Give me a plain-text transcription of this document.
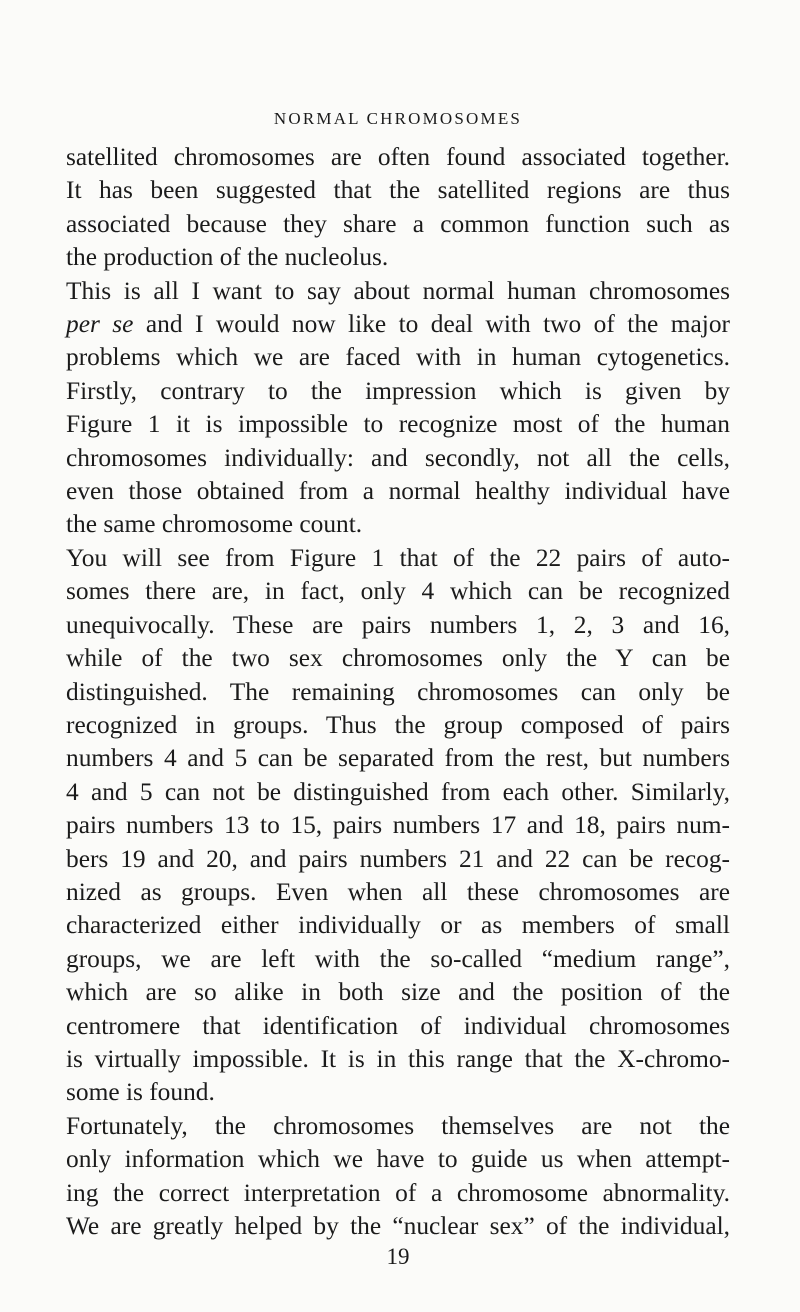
NORMAL CHROMOSOMES
satellited chromosomes are often found associated together.
It has been suggested that the satellited regions are thus
associated because they share a common function such as
the production of the nucleolus.
This is all I want to say about normal human chromosomes
per se and I would now like to deal with two of the major
problems which we are faced with in human cytogenetics.
Firstly, contrary to the impression which is given by
Figure 1 it is impossible to recognize most of the human
chromosomes individually: and secondly, not all the cells,
even those obtained from a normal healthy individual have
the same chromosome count.
You will see from Figure 1 that of the 22 pairs of auto-
somes there are, in fact, only 4 which can be recognized
unequivocally. These are pairs numbers 1, 2, 3 and 16,
while of the two sex chromosomes only the Y can be
distinguished. The remaining chromosomes can only be
recognized in groups. Thus the group composed of pairs
numbers 4 and 5 can be separated from the rest, but numbers
4 and 5 can not be distinguished from each other. Similarly,
pairs numbers 13 to 15, pairs numbers 17 and 18, pairs num-
bers 19 and 20, and pairs numbers 21 and 22 can be recog-
nized as groups. Even when all these chromosomes are
characterized either individually or as members of small
groups, we are left with the so-called “medium range”,
which are so alike in both size and the position of the
centromere that identification of individual chromosomes
is virtually impossible. It is in this range that the X-chromo-
some is found.
Fortunately, the chromosomes themselves are not the
only information which we have to guide us when attempt-
ing the correct interpretation of a chromosome abnormality.
We are greatly helped by the “nuclear sex” of the individual,
19
